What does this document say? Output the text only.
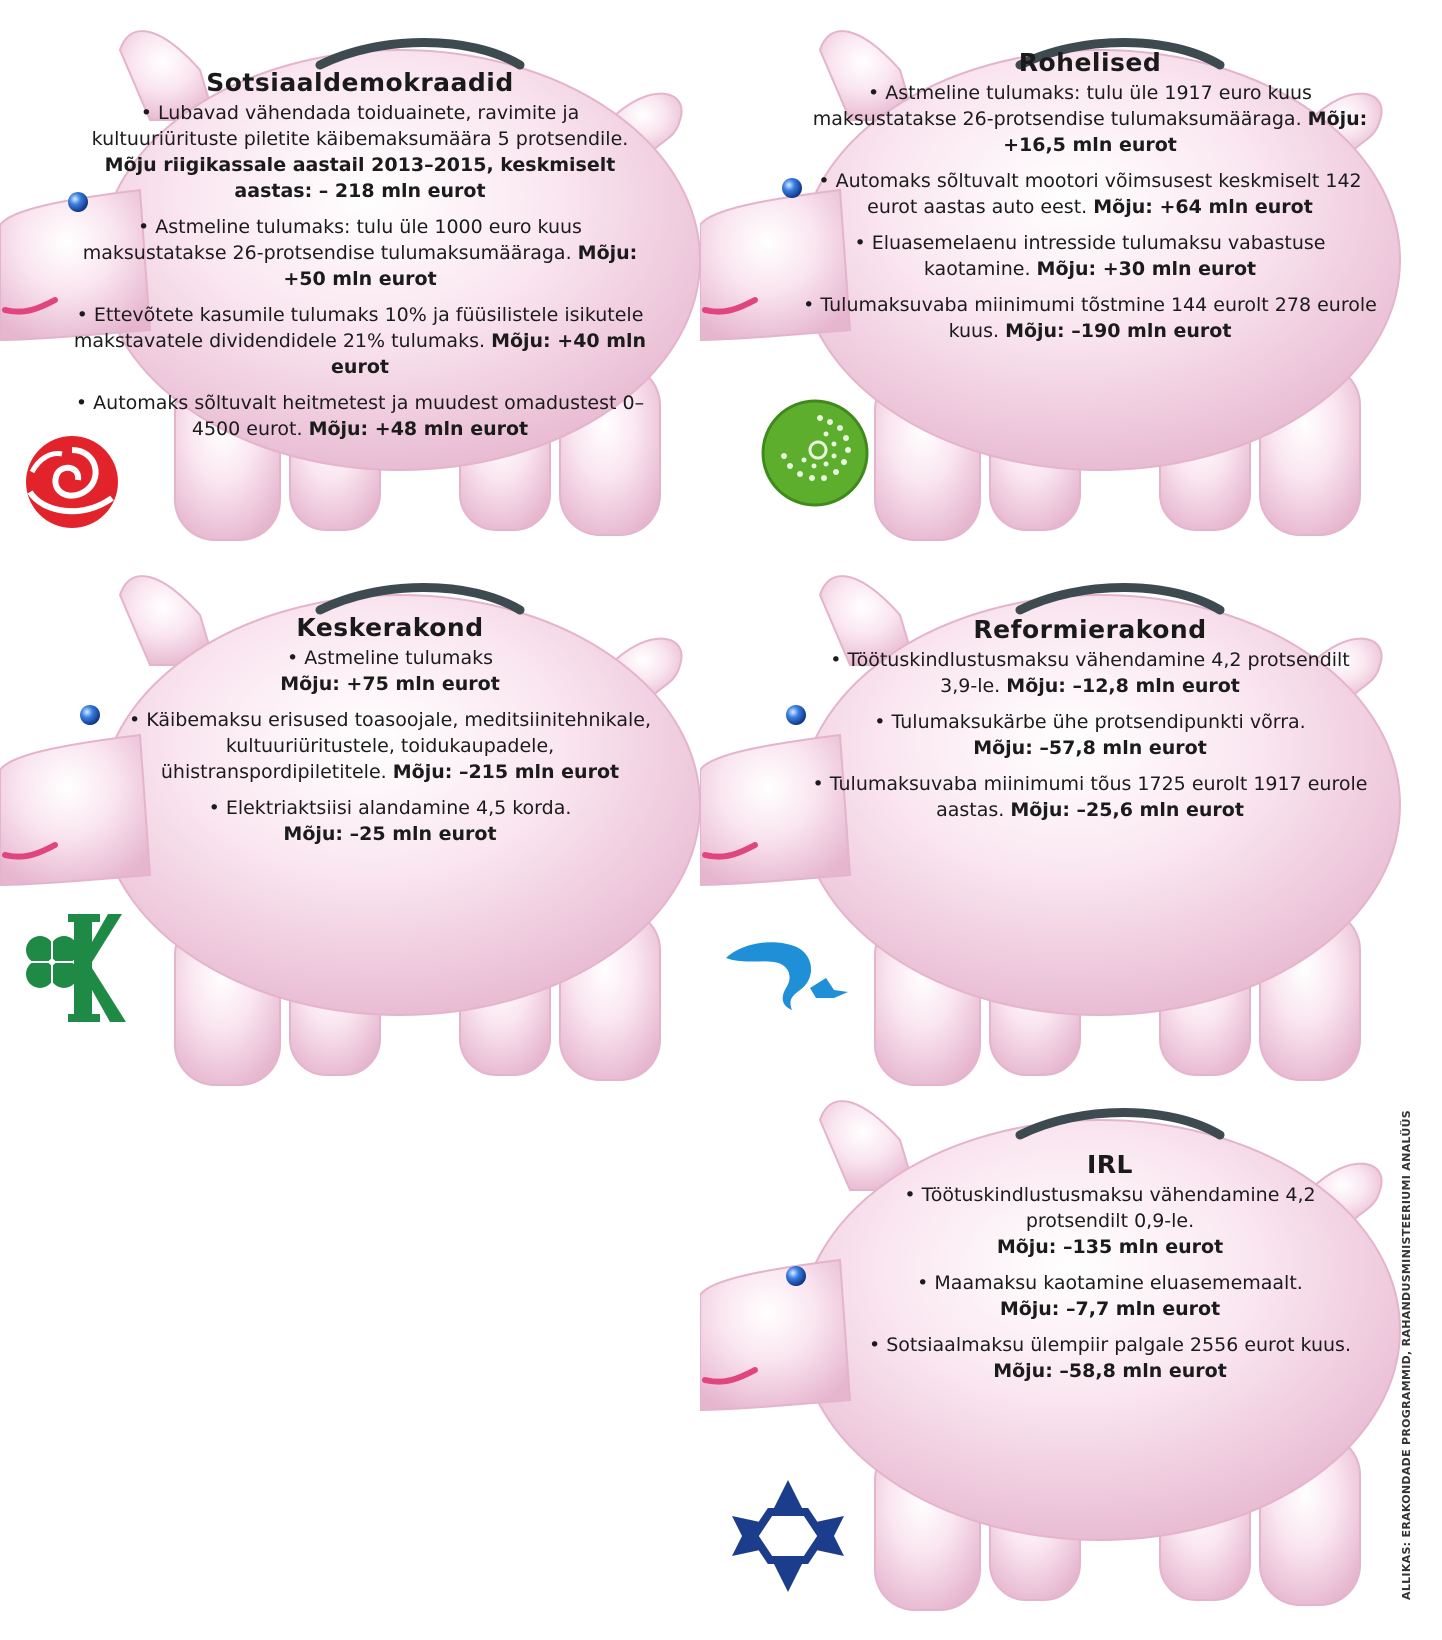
Sotsiaaldemokraadid
• Lubavad vähendada toiduainete, ravimite ja kultuuriürituste piletite käibemaksumäära 5 protsendile. Mõju riigikassale aastail 2013–2015, keskmiselt aastas: – 218 mln eurot
• Astmeline tulumaks: tulu üle 1000 euro kuus maksustatakse 26-protsendise tulumaksumääraga. Mõju: +50 mln eurot
• Ettevõtete kasumile tulumaks 10% ja füüsilistele isikutele makstavatele dividendidele 21% tulumaks. Mõju: +40 mln eurot
• Automaks sõltuvalt heitmetest ja muudest omadustest 0–4500 eurot. Mõju: +48 mln eurot
Rohelised
• Astmeline tulumaks: tulu üle 1917 euro kuus maksustatakse 26-protsendise tulumaksumääraga. Mõju: +16,5 mln eurot
• Automaks sõltuvalt mootori võimsusest keskmiselt 142 eurot aastas auto eest. Mõju: +64 mln eurot
• Eluasemelaenu intresside tulumaksu vabastuse kaotamine. Mõju: +30 mln eurot
• Tulumaksuvaba miinimumi tõstmine 144 eurolt 278 eurole kuus. Mõju: –190 mln eurot
Keskerakond
• Astmeline tulumaks
Mõju: +75 mln eurot
• Käibemaksu erisused toasoojale, meditsiinitehnikale, kultuuriüritustele, toidukaupadele, ühistranspordipiletitele. Mõju: –215 mln eurot
• Elektriaktsiisi alandamine 4,5 korda.
Mõju: –25 mln eurot
Reformierakond
• Töötuskindlustusmaksu vähendamine 4,2 protsendilt 3,9-le. Mõju: –12,8 mln eurot
• Tulumaksukärbe ühe protsendipunkti võrra.
Mõju: –57,8 mln eurot
• Tulumaksuvaba miinimumi tõus 1725 eurolt 1917 eurole aastas. Mõju: –25,6 mln eurot
IRL
• Töötuskindlustusmaksu vähendamine 4,2 protsendilt 0,9-le.
Mõju: –135 mln eurot
• Maamaksu kaotamine eluasememaalt.
Mõju: –7,7 mln eurot
• Sotsiaalmaksu ülempiir palgale 2556 eurot kuus.
Mõju: –58,8 mln eurot	ALLIKAS: ERAKONDADE PROGRAMMID, RAHANDUSMINISTEERIUMI ANALÜÜS
